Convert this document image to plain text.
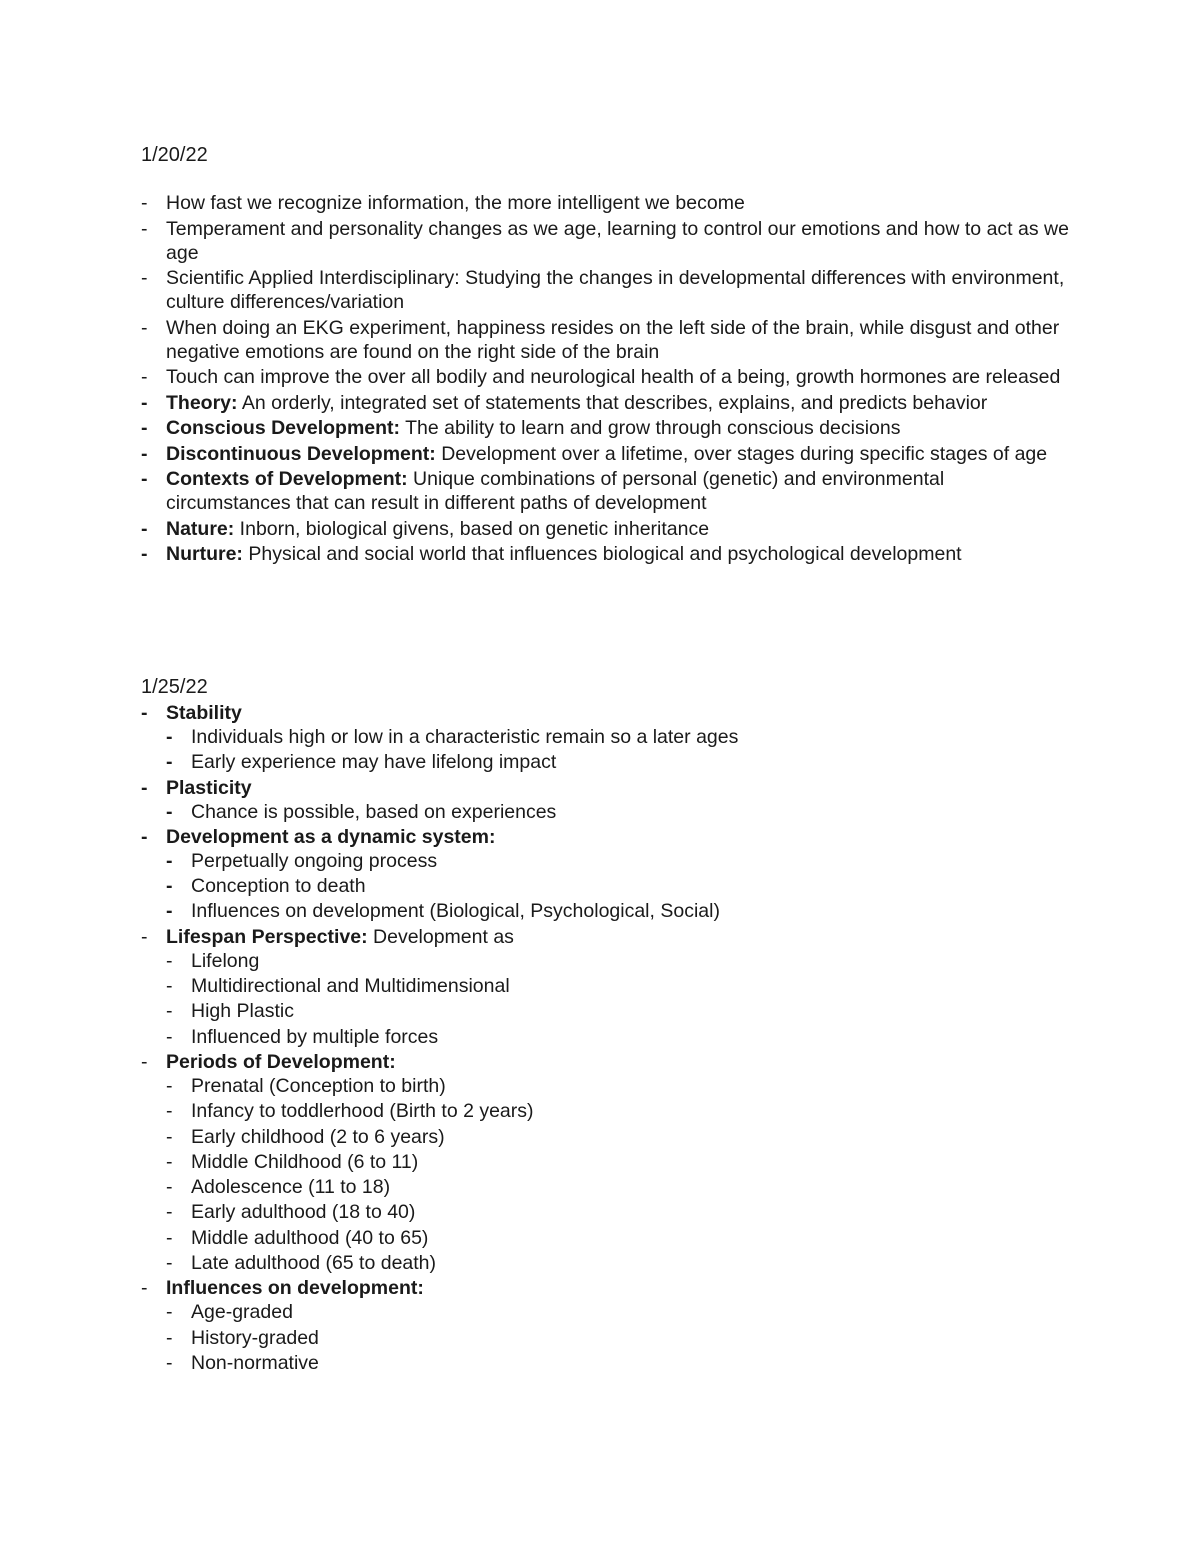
1/20/22
- How fast we recognize information, the more intelligent we become
- Temperament and personality changes as we age, learning to control our emotions and how to act as we age
- Scientific Applied Interdisciplinary: Studying the changes in developmental differences with environment, culture differences/variation
- When doing an EKG experiment, happiness resides on the left side of the brain, while disgust and other negative emotions are found on the right side of the brain
- Touch can improve the over all bodily and neurological health of a being, growth hormones are released
- Theory: An orderly, integrated set of statements that describes, explains, and predicts behavior
- Conscious Development: The ability to learn and grow through conscious decisions
- Discontinuous Development: Development over a lifetime, over stages during specific stages of age
- Contexts of Development: Unique combinations of personal (genetic) and environmental circumstances that can result in different paths of development
- Nature: Inborn, biological givens, based on genetic inheritance
- Nurture: Physical and social world that influences biological and psychological development
1/25/22
- Stability
- Individuals high or low in a characteristic remain so a later ages
- Early experience may have lifelong impact
- Plasticity
- Chance is possible, based on experiences
- Development as a dynamic system:
- Perpetually ongoing process
- Conception to death
- Influences on development (Biological, Psychological, Social)
- Lifespan Perspective: Development as
- Lifelong
- Multidirectional and Multidimensional
- High Plastic
- Influenced by multiple forces
- Periods of Development:
- Prenatal (Conception to birth)
- Infancy to toddlerhood (Birth to 2 years)
- Early childhood (2 to 6 years)
- Middle Childhood (6 to 11)
- Adolescence (11 to 18)
- Early adulthood (18 to 40)
- Middle adulthood (40 to 65)
- Late adulthood (65 to death)
- Influences on development:
- Age-graded
- History-graded
- Non-normative
